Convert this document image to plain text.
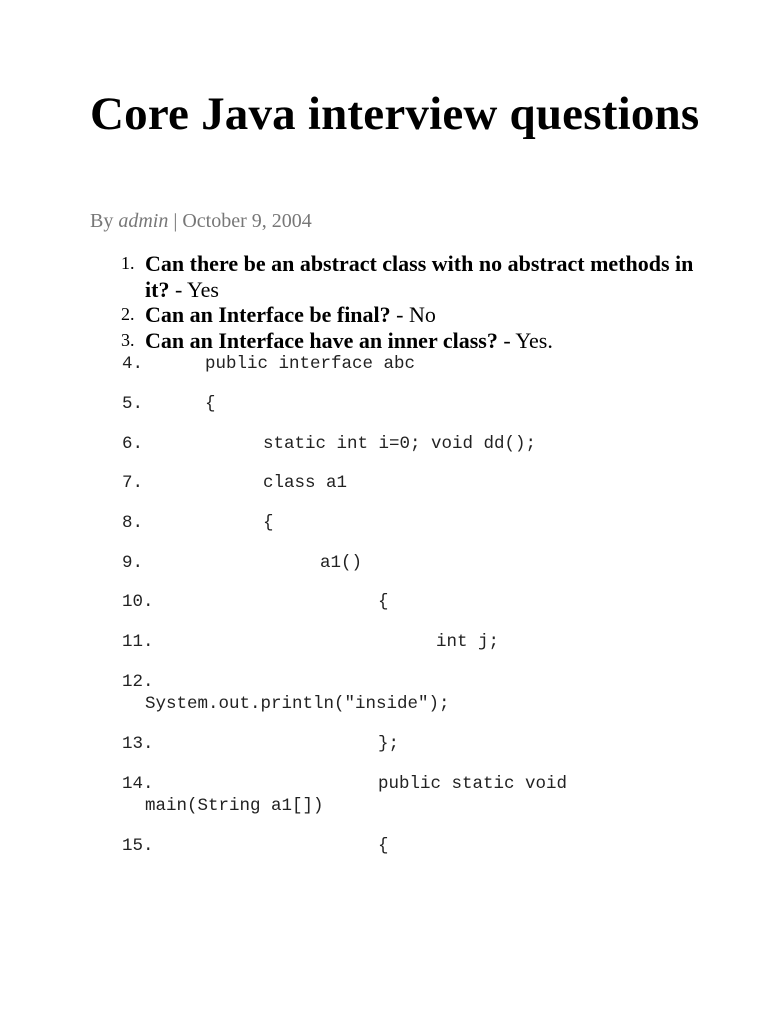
Core Java interview questions
By admin | October 9, 2004
1. Can there be an abstract class with no abstract methods in it? - Yes
2. Can an Interface be final? - No
3. Can an Interface have an inner class? - Yes.

4.

	public interface abc

5.

	{

6.

	static int i=0; void dd();

7.

	class a1

8.

	{

9.

	a1()

10.

	{

11.

	int j;

12.

System.out.println("inside");

13.

	};

14.

	public static void

main(String a1[])

15.

	{
